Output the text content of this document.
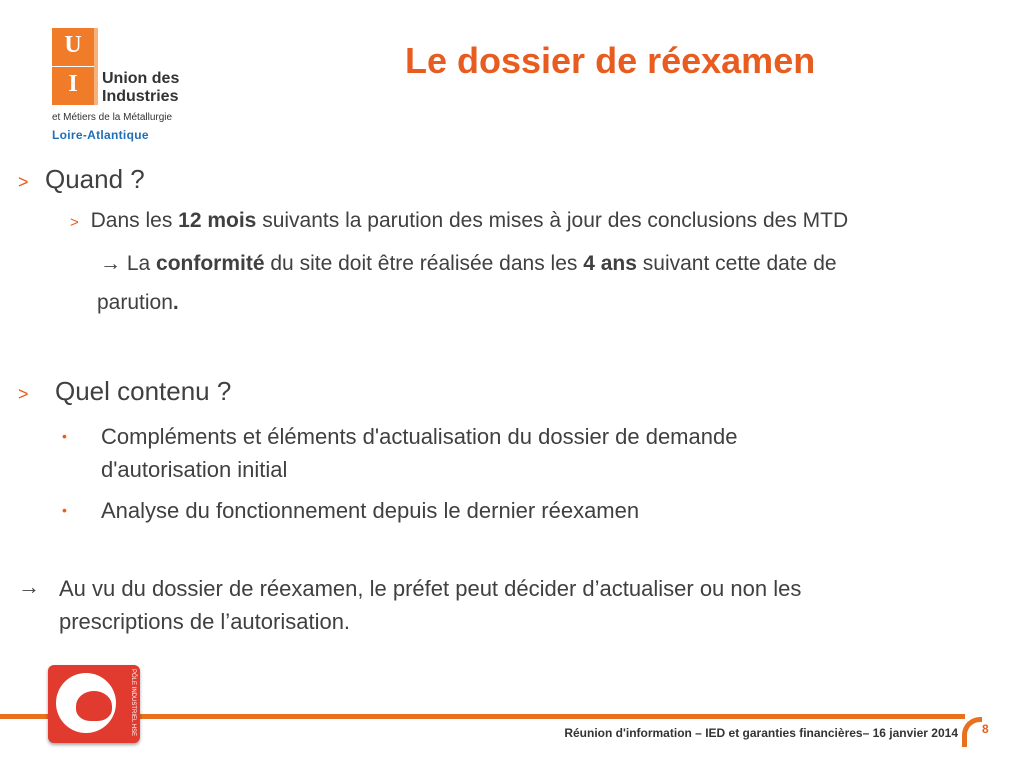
U
I	Union des
Industries
et Métiers de la Métallurgie
Loire-Atlantique
Le dossier de réexamen
> Quand ?
> Dans les 12 mois suivants la parution des mises à jour des conclusions des MTD
→ La conformité du site doit être réalisée dans les 4 ans suivant cette date de
parution.
> Quel contenu ?
• Compléments et éléments d'actualisation du dossier de demande
d'autorisation initial
• Analyse du fonctionnement depuis le dernier réexamen
→ Au vu du dossier de réexamen, le préfet peut décider d’actualiser ou non les
prescriptions de l’autorisation.
Réunion d'information – IED et garanties financières– 16 janvier 2014 8
PÔLE INDUSTRIEL HSE
